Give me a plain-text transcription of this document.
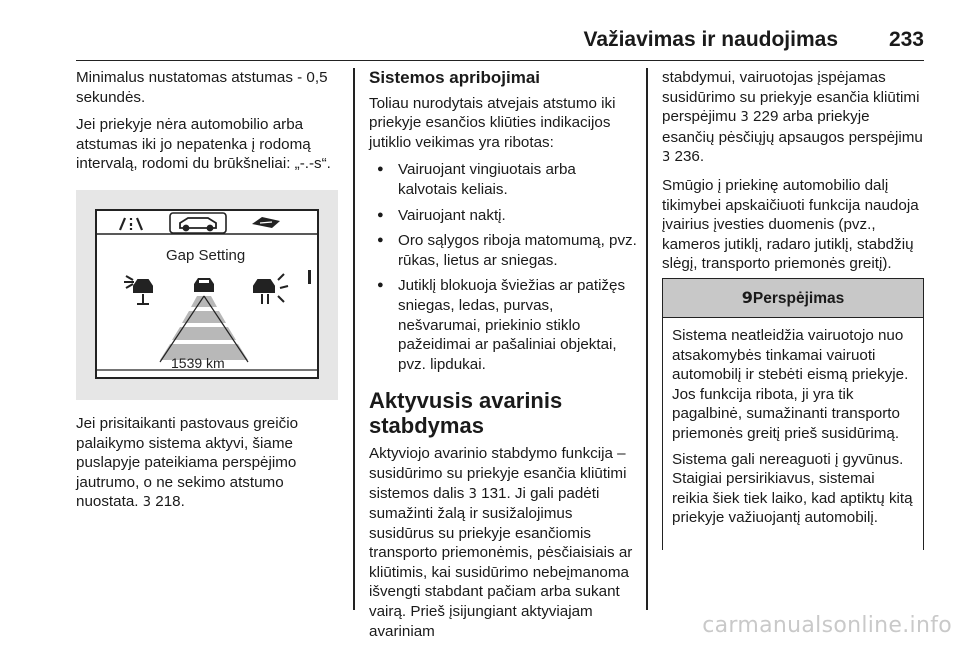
Važiavimas ir naudojimas 233

Minimalus nustatomas atstumas - 0,5 sekundės.

Jei priekyje nėra automobilio arba atstumas iki jo nepatenka į rodomą intervalą, rodomi du brūkšneliai: „-.-s“.

Gap Setting
1539 km

Jei prisitaikanti pastovaus greičio palaikymo sistema aktyvi, šiame puslapyje pateikiama perspėjimo jautrumo, o ne sekimo atstumo nuostata. 3 218.

Sistemos apribojimai

Toliau nurodytais atvejais atstumo iki priekyje esančios kliūties indikacijos jutiklio veikimas yra ribotas:

● Vairuojant vingiuotais arba kalvotais keliais.
● Vairuojant naktį.
● Oro sąlygos riboja matomumą, pvz. rūkas, lietus ar sniegas.
● Jutiklį blokuoja šviežias ar patižęs sniegas, ledas, purvas, nešvarumai, priekinio stiklo pažeidimai ar pašaliniai objektai, pvz. lipdukai.
Aktyvusis avarinis stabdymas

Aktyviojo avarinio stabdymo funkcija – susidūrimo su priekyje esančia kliūtimi sistemos dalis 3 131. Ji gali padėti sumažinti žalą ir susižalojimus susidūrus su priekyje esančiomis transporto priemonėmis, pėsčiaisiais ar kliūtimis, kai susidūrimo nebeįmanoma išvengti stabdant pačiam arba sukant vairą. Prieš įsijungiant aktyviajam avariniam

stabdymui, vairuotojas įspėjamas susidūrimo su priekyje esančia kliūtimi perspėjimu 3 229 arba priekyje esančių pėsčiųjų apsaugos perspėjimu 3 236.

Smūgio į priekinę automobilio dalį tikimybei apskaičiuoti funkcija naudoja įvairius įvesties duomenis (pvz., kameros jutiklį, radaro jutiklį, stabdžių slėgį, transporto priemonės greitį).

9Perspėjimas

Sistema neatleidžia vairuotojo nuo atsakomybės tinkamai vairuoti automobilį ir stebėti eismą priekyje. Jos funkcija ribota, ji yra tik pagalbinė, sumažinanti transporto priemonės greitį prieš susidūrimą.

Sistema gali nereaguoti į gyvūnus. Staigiai persirikiavus, sistemai reikia šiek tiek laiko, kad aptiktų kitą priekyje važiuojantį automobilį.

carmanualsonline.info
